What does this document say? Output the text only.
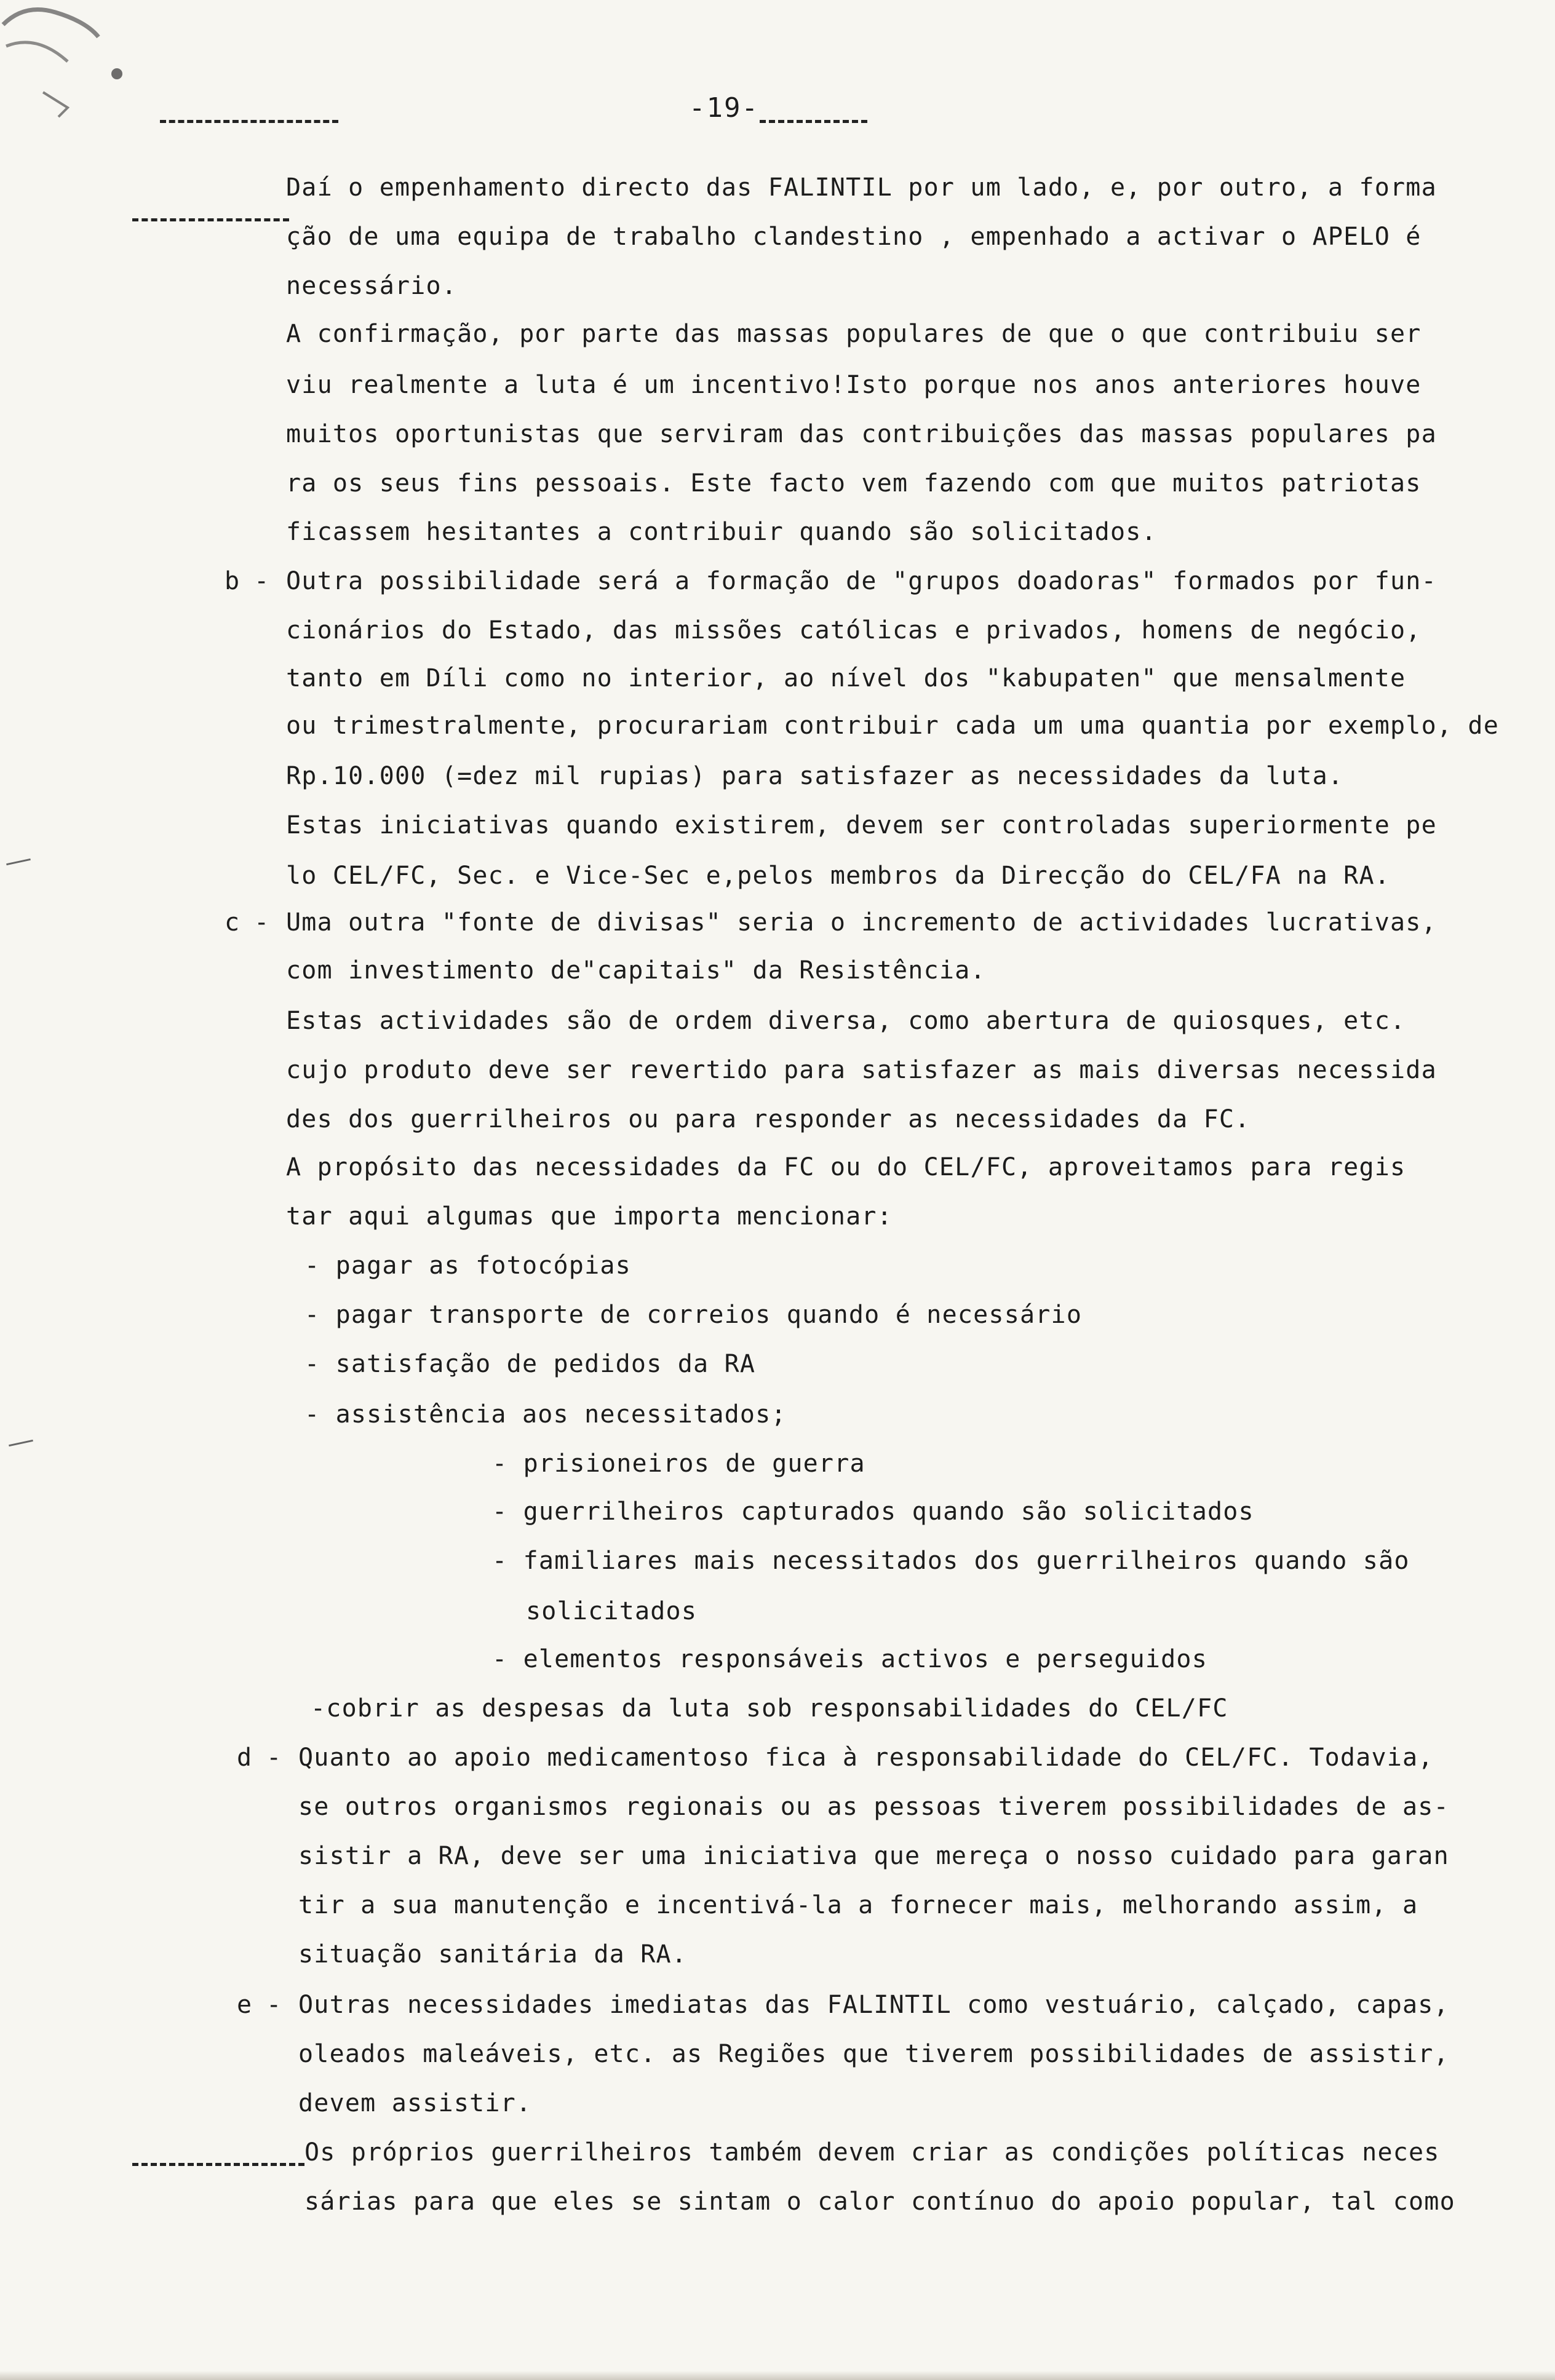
-19-
Daí o empenhamento directo das FALINTIL por um lado, e, por outro, a forma
ção de uma equipa de trabalho clandestino , empenhado a activar o APELO é
necessário.
A confirmação, por parte das massas populares de que o que contribuiu ser
viu realmente a luta é um incentivo!Isto porque nos anos anteriores houve
muitos oportunistas que serviram das contribuições das massas populares pa
ra os seus fins pessoais. Este facto vem fazendo com que muitos patriotas
ficassem hesitantes a contribuir quando são solicitados.
b - Outra possibilidade será a formação de "grupos doadoras" formados por fun-
cionários do Estado, das missões católicas e privados, homens de negócio,
tanto em Díli como no interior, ao nível dos "kabupaten" que mensalmente
ou trimestralmente, procurariam contribuir cada um uma quantia por exemplo, de
Rp.10.000 (=dez mil rupias) para satisfazer as necessidades da luta.
Estas iniciativas quando existirem, devem ser controladas superiormente pe
lo CEL/FC, Sec. e Vice-Sec e,pelos membros da Direcção do CEL/FA na RA.
c - Uma outra "fonte de divisas" seria o incremento de actividades lucrativas,
com investimento de"capitais" da Resistência.
Estas actividades são de ordem diversa, como abertura de quiosques, etc.
cujo produto deve ser revertido para satisfazer as mais diversas necessida
des dos guerrilheiros ou para responder as necessidades da FC.
A propósito das necessidades da FC ou do CEL/FC, aproveitamos para regis
tar aqui algumas que importa mencionar:
- pagar as fotocópias
- pagar transporte de correios quando é necessário
- satisfação de pedidos da RA
- assistência aos necessitados;
- prisioneiros de guerra
- guerrilheiros capturados quando são solicitados
- familiares mais necessitados dos guerrilheiros quando são
solicitados
- elementos responsáveis activos e perseguidos
-cobrir as despesas da luta sob responsabilidades do CEL/FC
d - Quanto ao apoio medicamentoso fica à responsabilidade do CEL/FC. Todavia,
se outros organismos regionais ou as pessoas tiverem possibilidades de as-
sistir a RA, deve ser uma iniciativa que mereça o nosso cuidado para garan
tir a sua manutenção e incentivá-la a fornecer mais, melhorando assim, a
situação sanitária da RA.
e - Outras necessidades imediatas das FALINTIL como vestuário, calçado, capas,
oleados maleáveis, etc. as Regiões que tiverem possibilidades de assistir,
devem assistir.
Os próprios guerrilheiros também devem criar as condições políticas neces
sárias para que eles se sintam o calor contínuo do apoio popular, tal como
